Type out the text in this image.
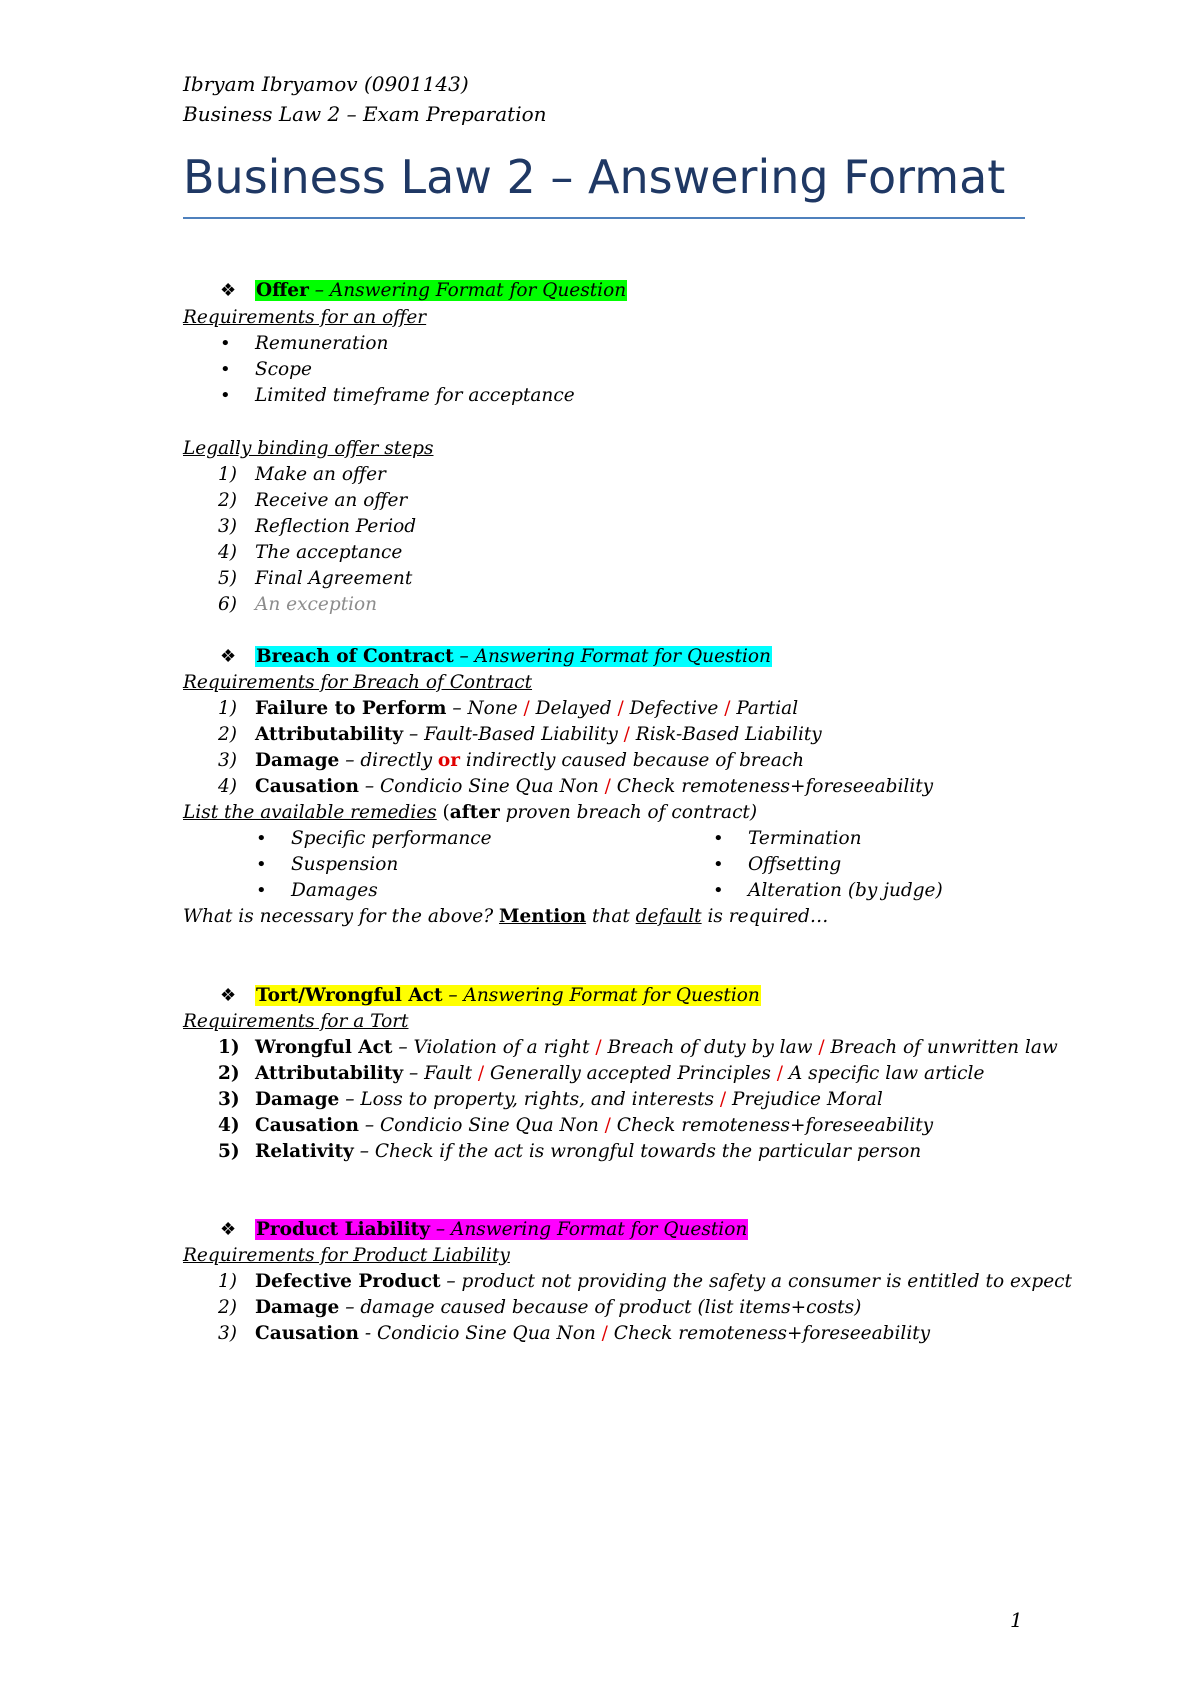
Ibryam Ibryamov (0901143)
Business Law 2 – Exam Preparation
Business Law 2 – Answering Format
❖ Offer – Answering Format for Question
Requirements for an offer
• Remuneration
• Scope
• Limited timeframe for acceptance
Legally binding offer steps
1) Make an offer
2) Receive an offer
3) Reflection Period
4) The acceptance
5) Final Agreement
6) An exception
❖ Breach of Contract – Answering Format for Question
Requirements for Breach of Contract
1) Failure to Perform – None / Delayed / Defective / Partial
2) Attributability – Fault-Based Liability / Risk-Based Liability
3) Damage – directly or indirectly caused because of breach
4) Causation – Condicio Sine Qua Non / Check remoteness+foreseeability
List the available remedies (after proven breach of contract)
• Specific performance
• Suspension
• Damages
• Termination
• Offsetting
• Alteration (by judge)
What is necessary for the above? Mention that default is required…
❖ Tort/Wrongful Act – Answering Format for Question
Requirements for a Tort
1) Wrongful Act – Violation of a right / Breach of duty by law / Breach of unwritten law
2) Attributability – Fault / Generally accepted Principles / A specific law article
3) Damage – Loss to property, rights, and interests / Prejudice Moral
4) Causation – Condicio Sine Qua Non / Check remoteness+foreseeability
5) Relativity – Check if the act is wrongful towards the particular person
❖ Product Liability – Answering Format for Question
Requirements for Product Liability
1) Defective Product – product not providing the safety a consumer is entitled to expect
2) Damage – damage caused because of product (list items+costs)
3) Causation - Condicio Sine Qua Non / Check remoteness+foreseeability
1
